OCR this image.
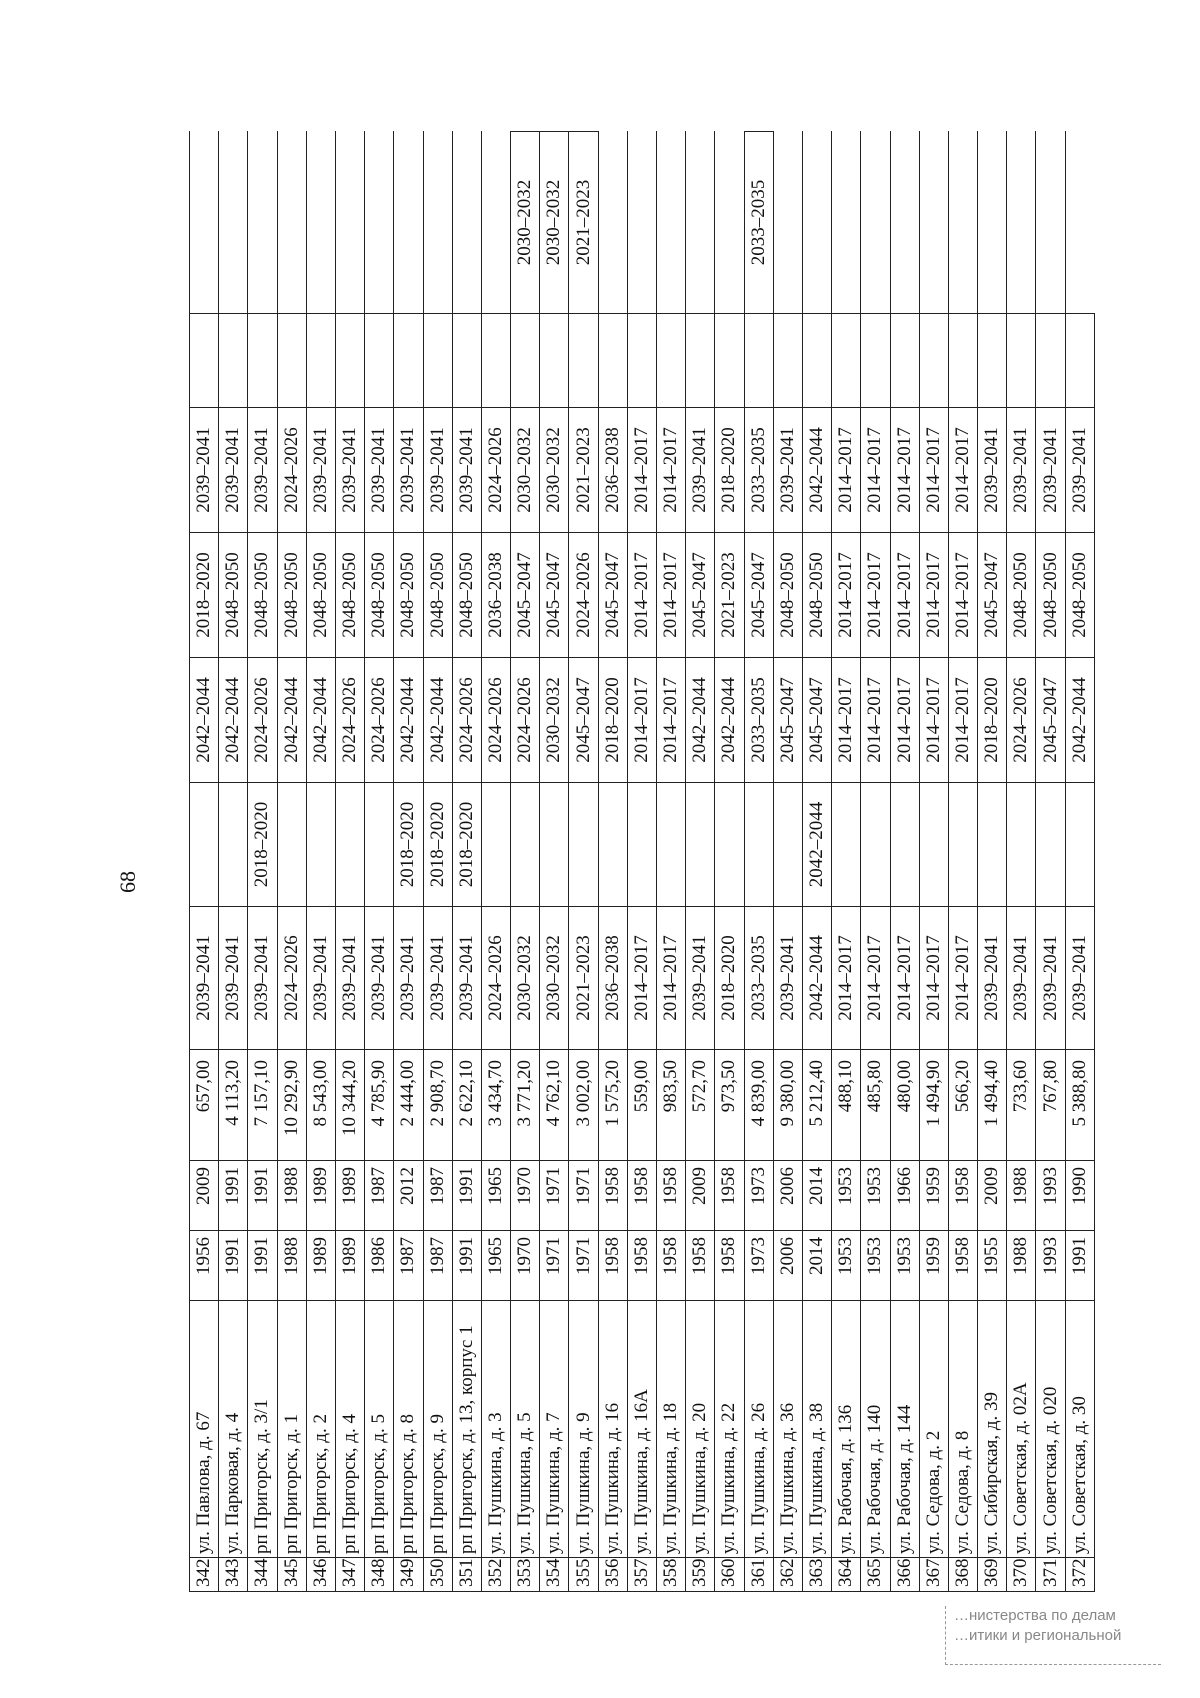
68
342	ул. Павлова, д. 67	1956	2009	657,00	2039–2041		2042–2044	2018–2020	2039–2041		
343	ул. Парковая, д. 4	1991	1991	4 113,20	2039–2041		2042–2044	2048–2050	2039–2041		
344	рп Пригорск, д. 3/1	1991	1991	7 157,10	2039–2041	2018–2020	2024–2026	2048–2050	2039–2041		
345	рп Пригорск, д. 1	1988	1988	10 292,90	2024–2026		2042–2044	2048–2050	2024–2026		
346	рп Пригорск, д. 2	1989	1989	8 543,00	2039–2041		2042–2044	2048–2050	2039–2041		
347	рп Пригорск, д. 4	1989	1989	10 344,20	2039–2041		2024–2026	2048–2050	2039–2041		
348	рп Пригорск, д. 5	1986	1987	4 785,90	2039–2041		2024–2026	2048–2050	2039–2041		
349	рп Пригорск, д. 8	1987	2012	2 444,00	2039–2041	2018–2020	2042–2044	2048–2050	2039–2041		
350	рп Пригорск, д. 9	1987	1987	2 908,70	2039–2041	2018–2020	2042–2044	2048–2050	2039–2041		
351	рп Пригорск, д. 13, корпус 1	1991	1991	2 622,10	2039–2041	2018–2020	2024–2026	2048–2050	2039–2041		
352	ул. Пушкина, д. 3	1965	1965	3 434,70	2024–2026		2024–2026	2036–2038	2024–2026		
353	ул. Пушкина, д. 5	1970	1970	3 771,20	2030–2032		2024–2026	2045–2047	2030–2032		2030–2032
354	ул. Пушкина, д. 7	1971	1971	4 762,10	2030–2032		2030–2032	2045–2047	2030–2032		2030–2032
355	ул. Пушкина, д. 9	1971	1971	3 002,00	2021–2023		2045–2047	2024–2026	2021–2023		2021–2023
356	ул. Пушкина, д. 16	1958	1958	1 575,20	2036–2038		2018–2020	2045–2047	2036–2038		
357	ул. Пушкина, д. 16А	1958	1958	559,00	2014–2017		2014–2017	2014–2017	2014–2017		
358	ул. Пушкина, д. 18	1958	1958	983,50	2014–2017		2014–2017	2014–2017	2014–2017		
359	ул. Пушкина, д. 20	1958	2009	572,70	2039–2041		2042–2044	2045–2047	2039–2041		
360	ул. Пушкина, д. 22	1958	1958	973,50	2018–2020		2042–2044	2021–2023	2018–2020		
361	ул. Пушкина, д. 26	1973	1973	4 839,00	2033–2035		2033–2035	2045–2047	2033–2035		2033–2035
362	ул. Пушкина, д. 36	2006	2006	9 380,00	2039–2041		2045–2047	2048–2050	2039–2041		
363	ул. Пушкина, д. 38	2014	2014	5 212,40	2042–2044	2042–2044	2045–2047	2048–2050	2042–2044		
364	ул. Рабочая, д. 136	1953	1953	488,10	2014–2017		2014–2017	2014–2017	2014–2017		
365	ул. Рабочая, д. 140	1953	1953	485,80	2014–2017		2014–2017	2014–2017	2014–2017		
366	ул. Рабочая, д. 144	1953	1966	480,00	2014–2017		2014–2017	2014–2017	2014–2017		
367	ул. Седова, д. 2	1959	1959	1 494,90	2014–2017		2014–2017	2014–2017	2014–2017		
368	ул. Седова, д. 8	1958	1958	566,20	2014–2017		2014–2017	2014–2017	2014–2017		
369	ул. Сибирская, д. 39	1955	2009	1 494,40	2039–2041		2018–2020	2045–2047	2039–2041		
370	ул. Советская, д. 02А	1988	1988	733,60	2039–2041		2024–2026	2048–2050	2039–2041		
371	ул. Советская, д. 020	1993	1993	767,80	2039–2041		2045–2047	2048–2050	2039–2041		
372	ул. Советская, д. 30	1991	1990	5 388,80	2039–2041		2042–2044	2048–2050	2039–2041		
…нистерства по делам
…итики и региональной
